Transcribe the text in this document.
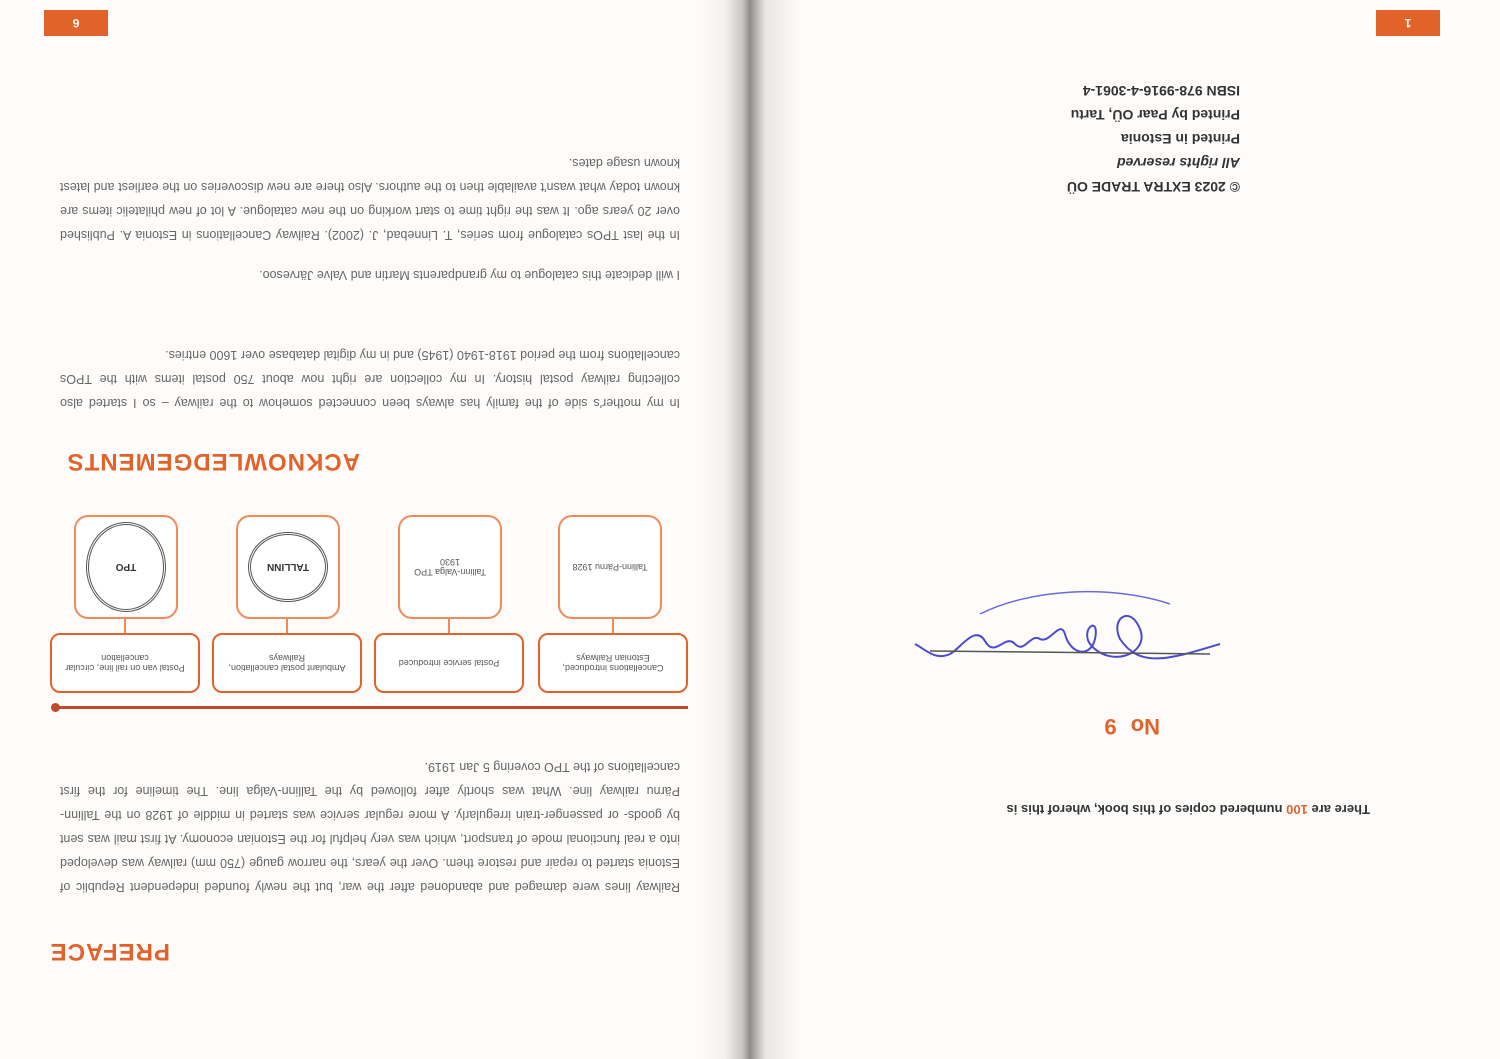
1
There are 100 numbered copies of this book, wherof this is
No9
© 2023 EXTRA TRADE OÜ
All rights reserved
Printed in Estonia
Printed by Paar OÜ, Tartu
ISBN 978-9916-4-3061-4
6
PREFACE
Railway lines were damaged and abandoned after the war, but the newly founded independent Republic of Estonia started to repair and restore them. Over the years, the narrow gauge (750 mm) railway was developed into a real functional mode of transport, which was very helpful for the Estonian economy. At first mail was sent by goods- or passenger-train irregularly. A more regular service was started in middle of 1928 on the Tallinn-Pärnu railway line. What was shortly after followed by the Tallinn-Valga line. The timeline for the first cancellations of the TPO covering 5 Jan 1919.
Cancellations introduced, Estonian Railways
Tallinn-Pärnu 1928
Postal service introduced
Tallinn-Valga TPO 1930
Ambulant postal cancellation, Railways
TALLINN
Postal van on rail line, circular cancellation
TPO
ACKNOWLEDGEMENTS
In my mother's side of the family has always been connected somehow to the railway – so I started also collecting railway postal history. In my collection are right now about 750 postal items with the TPOs cancellations from the period 1918-1940 (1945) and in my digital database over 1600 entries.
I will dedicate this catalogue to my grandparents Martin and Valve Järvesoo.
In the last TPOs catalogue from series, T. Linnebad, J. (2002). Railway Cancellations in Estonia A. Published over 20 years ago. It was the right time to start working on the new catalogue. A lot of new philatelic items are known today what wasn't available then to the authors. Also there are new discoveries on the earliest and latest known usage dates.
